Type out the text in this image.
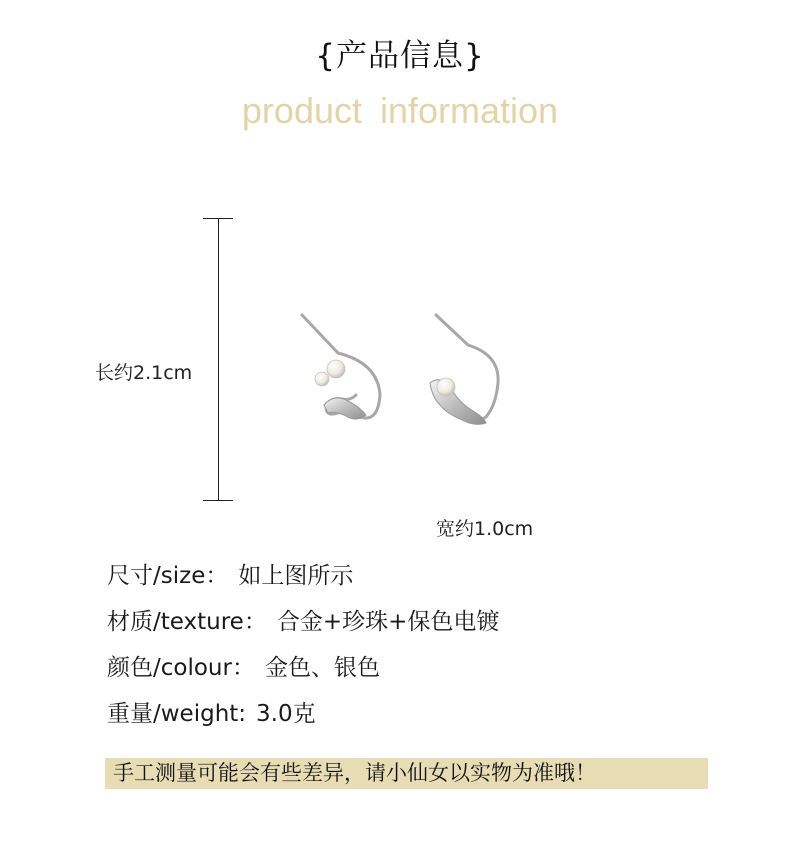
{产品信息}
product information
长约2.1cm
宽约1.0cm
尺寸/size： 如上图所示
材质/texture： 合金+珍珠+保色电镀
颜色/colour： 金色、银色
重量/weight: 3.0克
手工测量可能会有些差异，请小仙女以实物为准哦！
